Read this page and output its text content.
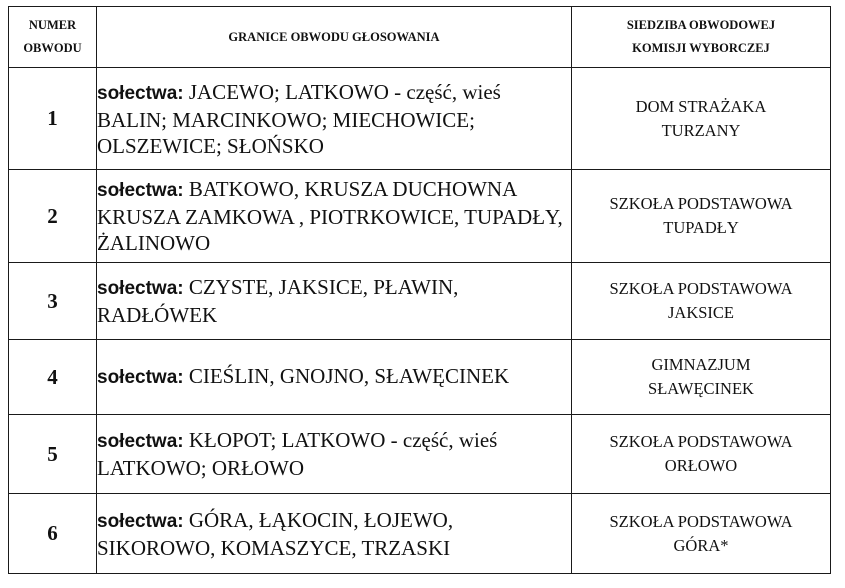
NUMER
OBWODU	GRANICE OBWODU GŁOSOWANIA	SIEDZIBA OBWODOWEJ
KOMISJI WYBORCZEJ

1	sołectwa: JACEWO; LATKOWO - część, wieś BALIN; MARCINKOWO; MIECHOWICE; OLSZEWICE; SŁOŃSKO	DOM STRAŻAKA
TURZANY

2	sołectwa: BATKOWO, KRUSZA DUCHOWNA KRUSZA ZAMKOWA , PIOTRKOWICE, TUPADŁY, ŻALINOWO	SZKOŁA PODSTAWOWA
TUPADŁY

3	sołectwa: CZYSTE, JAKSICE, PŁAWIN, RADŁÓWEK	SZKOŁA PODSTAWOWA
JAKSICE

4	sołectwa: CIEŚLIN, GNOJNO, SŁAWĘCINEK	GIMNAZJUM
SŁAWĘCINEK

5	sołectwa: KŁOPOT; LATKOWO - część, wieś LATKOWO; ORŁOWO	SZKOŁA PODSTAWOWA
ORŁOWO

6	sołectwa: GÓRA, ŁĄKOCIN, ŁOJEWO, SIKOROWO, KOMASZYCE, TRZASKI	SZKOŁA PODSTAWOWA
GÓRA*
